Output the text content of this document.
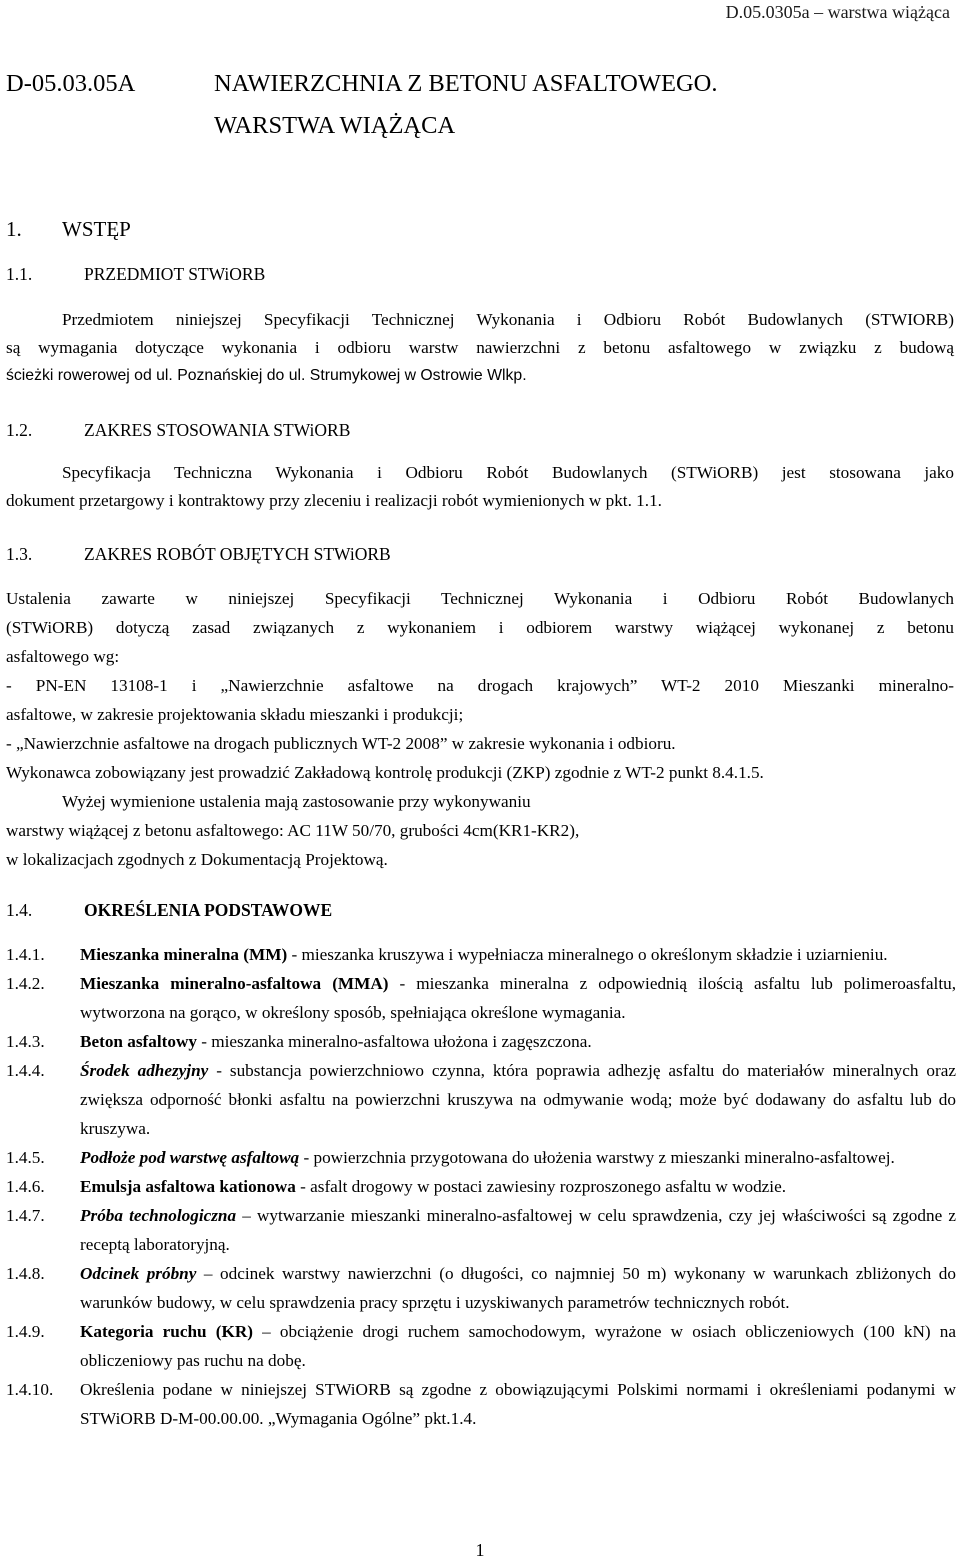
D.05.0305a – warstwa wiążąca
D-05.03.05A	NAWIERZCHNIA Z BETONU ASFALTOWEGO.
WARSTWA WIĄŻĄCA
1. WSTĘP
1.1.	PRZEDMIOT STWiORB
Przedmiotem niniejszej Specyfikacji Technicznej Wykonania i Odbioru Robót Budowlanych (STWIORB)
są wymagania dotyczące wykonania i odbioru warstw nawierzchni z betonu asfaltowego w związku z budową
ścieżki rowerowej od ul. Poznańskiej do ul. Strumykowej w Ostrowie Wlkp.
1.2.	ZAKRES STOSOWANIA STWiORB
Specyfikacja Techniczna Wykonania i Odbioru Robót Budowlanych (STWiORB) jest stosowana jako
dokument przetargowy i kontraktowy przy zleceniu i realizacji robót wymienionych w pkt. 1.1.
1.3.	ZAKRES ROBÓT OBJĘTYCH STWiORB
Ustalenia zawarte w niniejszej Specyfikacji Technicznej Wykonania i Odbioru Robót Budowlanych
(STWiORB) dotyczą zasad związanych z wykonaniem i odbiorem warstwy wiążącej wykonanej z betonu
asfaltowego wg:
- PN-EN 13108-1 i „Nawierzchnie asfaltowe na drogach krajowych” WT-2 2010 Mieszanki mineralno-
asfaltowe, w zakresie projektowania składu mieszanki i produkcji;
- „Nawierzchnie asfaltowe na drogach publicznych WT-2 2008” w zakresie wykonania i odbioru.
Wykonawca zobowiązany jest prowadzić Zakładową kontrolę produkcji (ZKP) zgodnie z WT-2 punkt 8.4.1.5.
Wyżej wymienione ustalenia mają zastosowanie przy wykonywaniu
warstwy wiążącej z betonu asfaltowego: AC 11W 50/70, grubości 4cm(KR1-KR2),
w lokalizacjach zgodnych z Dokumentacją Projektową.
1.4.	OKREŚLENIA PODSTAWOWE
1.4.1. Mieszanka mineralna (MM) - mieszanka kruszywa i wypełniacza mineralnego o określonym składzie i uziarnieniu.
1.4.2. Mieszanka mineralno-asfaltowa (MMA) - mieszanka mineralna z odpowiednią ilością asfaltu lub polimeroasfaltu, wytworzona na gorąco, w określony sposób, spełniająca określone wymagania.
1.4.3. Beton asfaltowy - mieszanka mineralno-asfaltowa ułożona i zagęszczona.
1.4.4. Środek adhezyjny - substancja powierzchniowo czynna, która poprawia adhezję asfaltu do materiałów mineralnych oraz zwiększa odporność błonki asfaltu na powierzchni kruszywa na odmywanie wodą; może być dodawany do asfaltu lub do kruszywa.
1.4.5. Podłoże pod warstwę asfaltową - powierzchnia przygotowana do ułożenia warstwy z mieszanki mineralno-asfaltowej.
1.4.6. Emulsja asfaltowa kationowa - asfalt drogowy w postaci zawiesiny rozproszonego asfaltu w wodzie.
1.4.7. Próba technologiczna – wytwarzanie mieszanki mineralno-asfaltowej w celu sprawdzenia, czy jej właściwości są zgodne z receptą laboratoryjną.
1.4.8. Odcinek próbny – odcinek warstwy nawierzchni (o długości, co najmniej 50 m) wykonany w warunkach zbliżonych do warunków budowy, w celu sprawdzenia pracy sprzętu i uzyskiwanych parametrów technicznych robót.
1.4.9. Kategoria ruchu (KR) – obciążenie drogi ruchem samochodowym, wyrażone w osiach obliczeniowych (100 kN) na obliczeniowy pas ruchu na dobę.
1.4.10. Określenia podane w niniejszej STWiORB są zgodne z obowiązującymi Polskimi normami i określeniami podanymi w STWiORB D-M-00.00.00. „Wymagania Ogólne” pkt.1.4.
1
